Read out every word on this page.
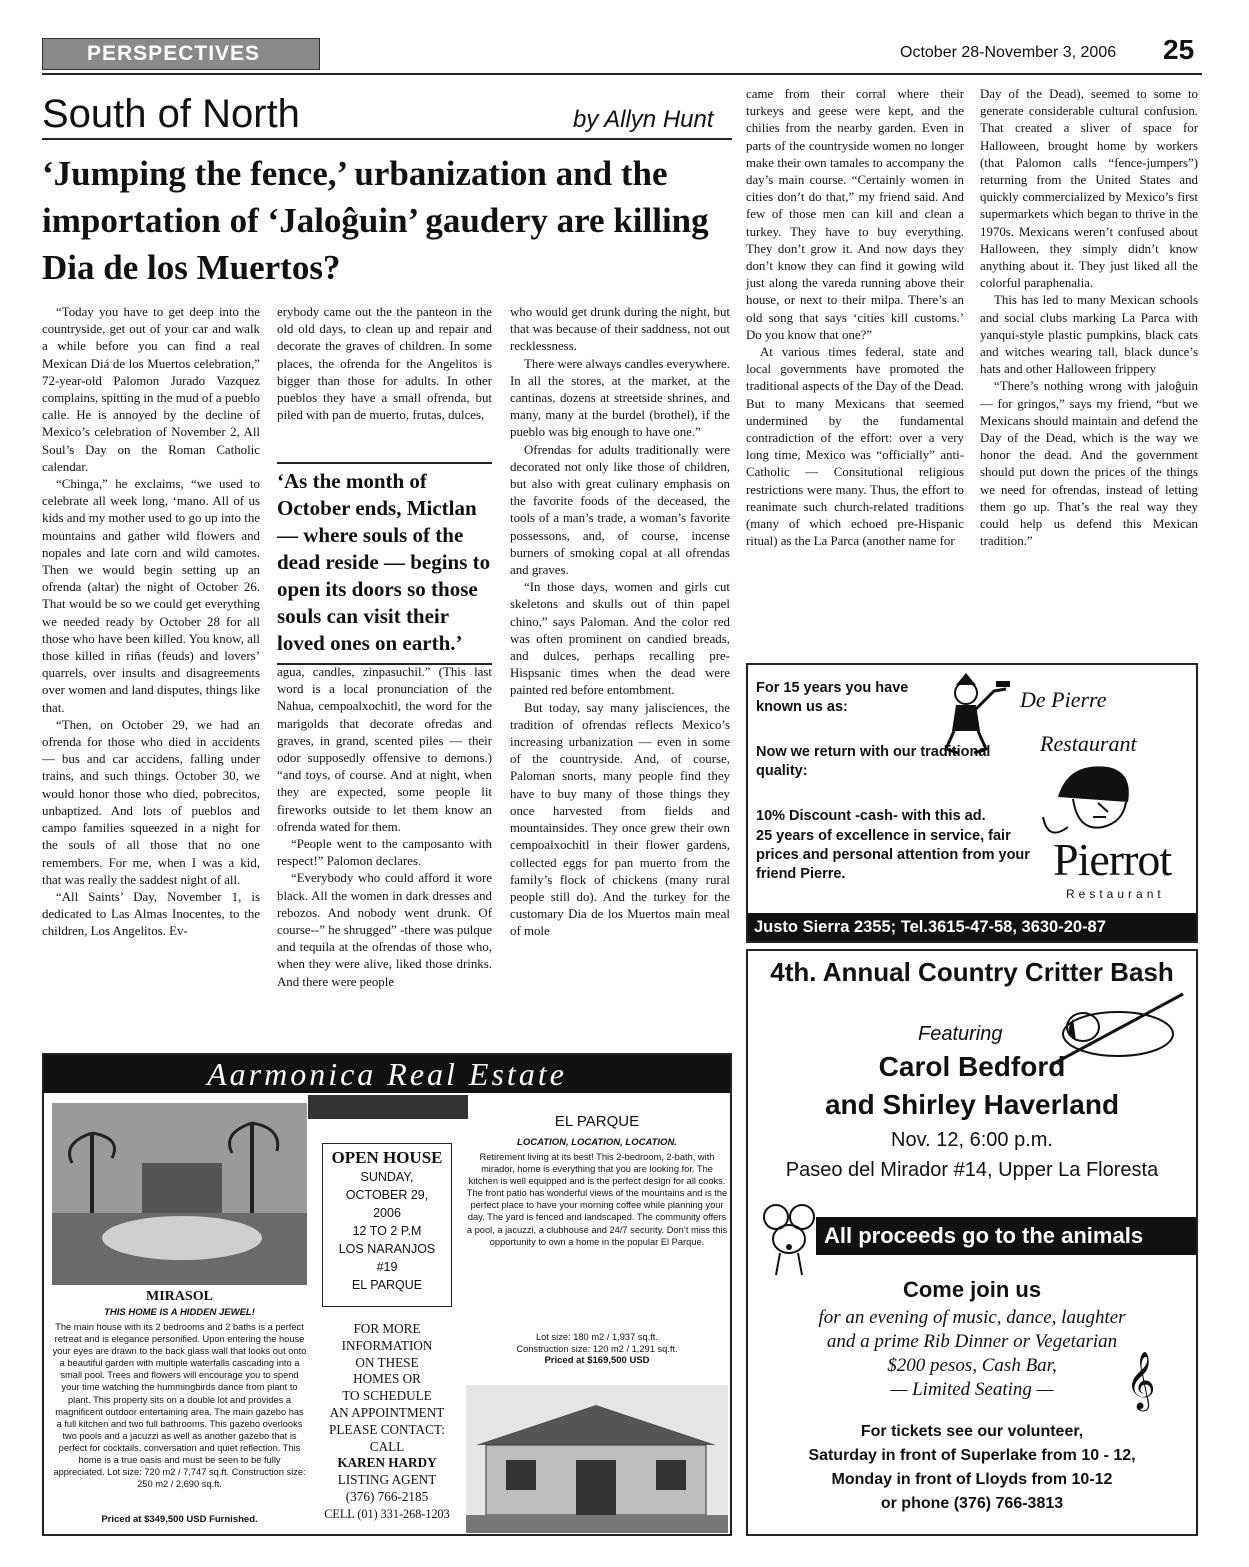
PERSPECTIVES	October 28-November 3, 2006 25
South of North	by Allyn Hunt
‘Jumping the fence,’ urbanization and the importation of ‘Jaloĝuin’ gaudery are killing Dia de los Muertos?

“Today you have to get deep into the countryside, get out of your car and walk a while before you can find a real Mexican Diá de los Muertos celebration,” 72-year-old Palomon Jurado Vazquez complains, spitting in the mud of a pueblo calle. He is annoyed by the decline of Mexico’s celebration of November 2, All Soul’s Day on the Roman Catholic calendar.

“Chinga,” he exclaims, “we used to celebrate all week long, ‘mano. All of us kids and my mother used to go up into the mountains and gather wild flowers and nopales and late corn and wild camotes. Then we would begin setting up an ofrenda (altar) the night of October 26. That would be so we could get everything we needed ready by October 28 for all those who have been killed. You know, all those killed in riñas (feuds) and lovers’ quarrels, over insults and disagreements over women and land disputes, things like that.

“Then, on October 29, we had an ofrenda for those who died in accidents — bus and car accidens, falling under trains, and such things. October 30, we would honor those who died, pobrecitos, unbaptized. And lots of pueblos and campo families squeezed in a night for the souls of all those that no one remembers. For me, when I was a kid, that was really the saddest night of all.

“All Saints’ Day, November 1, is dedicated to Las Almas Inocentes, to the children, Los Angelitos. Ev-

erybody came out the the panteon in the old old days, to clean up and repair and decorate the graves of children. In some places, the ofrenda for the Angelitos is bigger than those for adults. In other pueblos they have a small ofrenda, but piled with pan de muerto, frutas, dulces,

‘As the month of October ends, Mictlan — where souls of the dead reside — begins to open its doors so those souls can visit their loved ones on earth.’

agua, candles, zinpasuchil.” (This last word is a local pronunciation of the Nahua, cempoalxochitl, the word for the marigolds that decorate ofredas and graves, in grand, scented piles — their odor supposedly offensive to demons.) “and toys, of course. And at night, when they are expected, some people lit fireworks outside to let them know an ofrenda wated for them.

“People went to the camposanto with respect!” Palomon declares.

“Everybody who could afford it wore black. All the women in dark dresses and rebozos. And nobody went drunk. Of course--” he shrugged” -there was pulque and tequila at the ofrendas of those who, when they were alive, liked those drinks. And there were people

who would get drunk during the night, but that was because of their saddness, not out recklessness.

There were always candles everywhere. In all the stores, at the market, at the cantinas, dozens at streetside shrines, and many, many at the burdel (brothel), if the pueblo was big enough to have one.”

Ofrendas for adults traditionally were decorated not only like those of children, but also with great culinary emphasis on the favorite foods of the deceased, the tools of a man’s trade, a woman’s favorite possessons, and, of course, incense burners of smoking copal at all ofrendas and graves.

“In those days, women and girls cut skeletons and skulls out of thin papel chino,” says Paloman. And the color red was often prominent on candied breads, and dulces, perhaps recalling pre-Hispsanic times when the dead were painted red before entombment.

But today, say many jalisciences, the tradition of ofrendas reflects Mexico’s increasing urbanization — even in some of the countryside. And, of course, Paloman snorts, many people find they have to buy many of those things they once harvested from fields and mountainsides. They once grew their own cempoalxochitl in their flower gardens, collected eggs for pan muerto from the family’s flock of chickens (many rural people still do). And the turkey for the customary Dia de los Muertos main meal of mole

came from their corral where their turkeys and geese were kept, and the chilies from the nearby garden. Even in parts of the countryside women no longer make their own tamales to accompany the day’s main course. “Certainly women in cities don’t do that,” my friend said. And few of those men can kill and clean a turkey. They have to buy everything. They don’t grow it. And now days they don’t know they can find it gowing wild just along the vareda running above their house, or next to their milpa. There’s an old song that says ‘cities kill customs.’ Do you know that one?”

At various times federal, state and local governments have promoted the traditional aspects of the Day of the Dead. But to many Mexicans that seemed undermined by the fundamental contradiction of the effort: over a very long time, Mexico was “officially” anti-Catholic — Consitutional religious restrictions were many. Thus, the effort to reanimate such church-related traditions (many of which echoed pre-Hispanic ritual) as the La Parca (another name for

Day of the Dead), seemed to some to generate considerable cultural confusion. That created a sliver of space for Halloween, brought home by workers (that Palomon calls “fence-jumpers”) returning from the United States and quickly commercialized by Mexico’s first supermarkets which began to thrive in the 1970s. Mexicans weren’t confused about Halloween, they simply didn’t know anything about it. They just liked all the colorful paraphenalia.

This has led to many Mexican schools and social clubs marking La Parca with yanqui-style plastic pumpkins, black cats and witches wearing tall, black dunce’s hats and other Halloween frippery

“There’s nothing wrong with jaloĝuin — for gringos,” says my friend, “but we Mexicans should maintain and defend the Day of the Dead, which is the way we honor the dead. And the government should put down the prices of the things we need for ofrendas, instead of letting them go up. That’s the real way they could help us defend this Mexican tradition.”

For 15 years you have known us as:	De Pierre
Restaurant
Now we return with our traditional quality:
10% Discount -cash- with this ad.
25 years of excellence in service, fair prices and personal attention from your friend Pierre.	Pierrot
Restaurant
Justo Sierra 2355; Tel.3615-47-58, 3630-20-87
4th. Annual Country Critter Bash
Featuring
Carol Bedford
and Shirley Haverland
Nov. 12, 6:00 p.m.
Paseo del Mirador #14, Upper La Floresta
All proceeds go to the animals
Come join us
for an evening of music, dance, laughter
and a prime Rib Dinner or Vegetarian
$200 pesos, Cash Bar,
— Limited Seating —	𝄞
For tickets see our volunteer,
Saturday in front of Superlake from 10 - 12,
Monday in front of Lloyds from 10-12
or phone (376) 766-3813
Aarmonica Real Estate
MIRASOL
THIS HOME IS A HIDDEN JEWEL!
The main house with its 2 bedrooms and 2 baths is a perfect retreat and is elegance personified. Upon entering the house your eyes are drawn to the back glass wall that looks out onto a beautiful garden with multiple waterfalls cascading into a small pool. Trees and flowers will encourage you to spend your time watching the hummingbirds dance from plant to plant. This property sits on a double lot and provides a magnificent outdoor entertaining area. The main gazebo has a full kitchen and two full bathrooms. This gazebo overlooks two pools and a jacuzzi as well as another gazebo that is perfect for cocktails, conversation and quiet reflection. This home is a true oasis and must be seen to be fully appreciated. Lot size: 720 m2 / 7,747 sq.ft. Construction size: 250 m2 / 2,690 sq.ft.
Priced at $349,500 USD Furnished.
OPEN HOUSE
SUNDAY,
OCTOBER 29,
2006
12 TO 2 P.M
LOS NARANJOS
#19
EL PARQUE
FOR MORE
INFORMATION
ON THESE
HOMES OR
TO SCHEDULE
AN APPOINTMENT
PLEASE CONTACT:
CALL
KAREN HARDY
LISTING AGENT
(376) 766-2185
CELL (01) 331-268-1203
EL PARQUE
LOCATION, LOCATION, LOCATION.
Retirement living at its best! This 2-bedroom, 2-bath, with mirador, home is everything that you are looking for. The kitchen is well equipped and is the perfect design for all cooks. The front patio has wonderful views of the mountains and is the perfect place to have your morning coffee while planning your day. The yard is fenced and landscaped. The community offers a pool, a jacuzzi, a clubhouse and 24/7 security. Don’t miss this opportunity to own a home in the popular El Parque.
Lot size: 180 m2 / 1,937 sq.ft.
Construction size: 120 m2 / 1,291 sq.ft.
Priced at $169,500 USD
